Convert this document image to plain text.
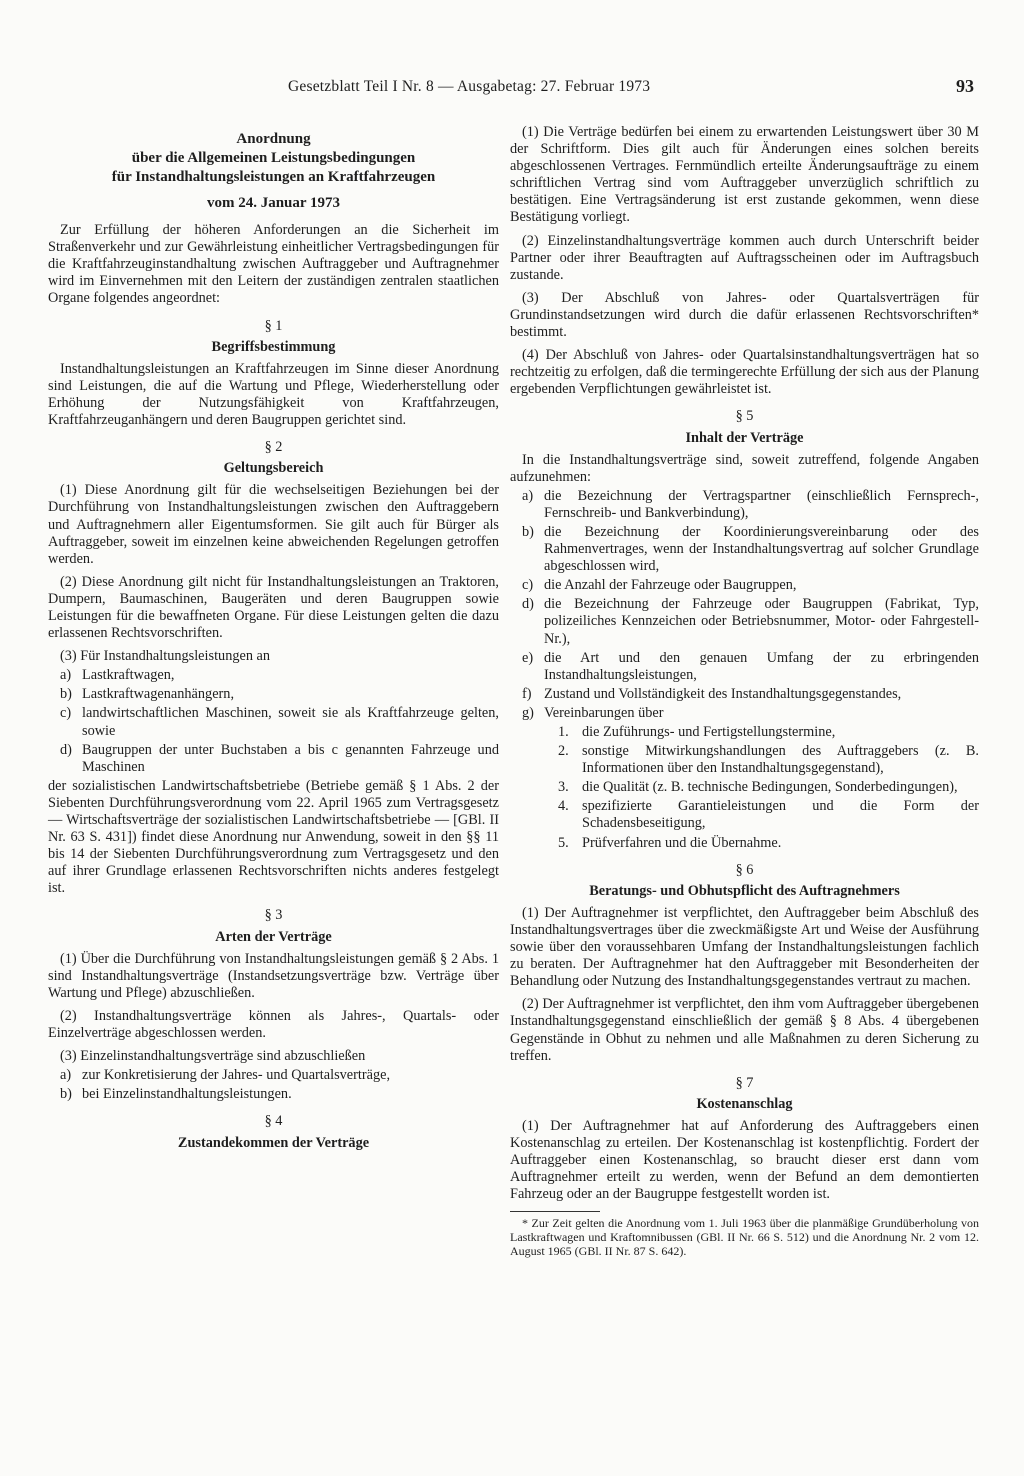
Gesetzblatt Teil I Nr. 8 — Ausgabetag: 27. Februar 1973	93
Anordnung
über die Allgemeinen Leistungsbedingungen
für Instandhaltungsleistungen an Kraftfahrzeugen
vom 24. Januar 1973

Zur Erfüllung der höheren Anforderungen an die Sicherheit im Straßenverkehr und zur Gewährleistung einheitlicher Vertragsbedingungen für die Kraftfahrzeuginstandhaltung zwischen Auftraggeber und Auftragnehmer wird im Einvernehmen mit den Leitern der zuständigen zentralen staatlichen Organe folgendes angeordnet:

§ 1
Begriffsbestimmung

Instandhaltungsleistungen an Kraftfahrzeugen im Sinne dieser Anordnung sind Leistungen, die auf die Wartung und Pflege, Wiederherstellung oder Erhöhung der Nutzungsfähigkeit von Kraftfahrzeugen, Kraftfahrzeuganhängern und deren Baugruppen gerichtet sind.

§ 2
Geltungsbereich

(1) Diese Anordnung gilt für die wechselseitigen Beziehungen bei der Durchführung von Instandhaltungsleistungen zwischen den Auftraggebern und Auftragnehmern aller Eigentumsformen. Sie gilt auch für Bürger als Auftraggeber, soweit im einzelnen keine abweichenden Regelungen getroffen werden.

(2) Diese Anordnung gilt nicht für Instandhaltungsleistungen an Traktoren, Dumpern, Baumaschinen, Baugeräten und deren Baugruppen sowie Leistungen für die bewaffneten Organe. Für diese Leistungen gelten die dazu erlassenen Rechtsvorschriften.

(3) Für Instandhaltungsleistungen an

a) Lastkraftwagen,
b) Lastkraftwagenanhängern,
c) landwirtschaftlichen Maschinen, soweit sie als Kraftfahrzeuge gelten, sowie
d) Baugruppen der unter Buchstaben a bis c genannten Fahrzeuge und Maschinen

der sozialistischen Landwirtschaftsbetriebe (Betriebe gemäß § 1 Abs. 2 der Siebenten Durchführungsverordnung vom 22. April 1965 zum Vertragsgesetz — Wirtschaftsverträge der sozialistischen Landwirtschaftsbetriebe — [GBl. II Nr. 63 S. 431]) findet diese Anordnung nur Anwendung, soweit in den §§ 11 bis 14 der Siebenten Durchführungsverordnung zum Vertragsgesetz und den auf ihrer Grundlage erlassenen Rechtsvorschriften nichts anderes festgelegt ist.

§ 3
Arten der Verträge

(1) Über die Durchführung von Instandhaltungsleistungen gemäß § 2 Abs. 1 sind Instandhaltungsverträge (Instandsetzungsverträge bzw. Verträge über Wartung und Pflege) abzuschließen.

(2) Instandhaltungsverträge können als Jahres-, Quartals- oder Einzelverträge abgeschlossen werden.

(3) Einzelinstandhaltungsverträge sind abzuschließen

a) zur Konkretisierung der Jahres- und Quartalsverträge,
b) bei Einzelinstandhaltungsleistungen.
§ 4
Zustandekommen der Verträge

(1) Die Verträge bedürfen bei einem zu erwartenden Leistungswert über 30 M der Schriftform. Dies gilt auch für Änderungen eines solchen bereits abgeschlossenen Vertrages. Fernmündlich erteilte Änderungsaufträge zu einem schriftlichen Vertrag sind vom Auftraggeber unverzüglich schriftlich zu bestätigen. Eine Vertragsänderung ist erst zustande gekommen, wenn diese Bestätigung vorliegt.

(2) Einzelinstandhaltungsverträge kommen auch durch Unterschrift beider Partner oder ihrer Beauftragten auf Auftragsscheinen oder im Auftragsbuch zustande.

(3) Der Abschluß von Jahres- oder Quartalsverträgen für Grundinstandsetzungen wird durch die dafür erlassenen Rechtsvorschriften* bestimmt.

(4) Der Abschluß von Jahres- oder Quartalsinstandhaltungsverträgen hat so rechtzeitig zu erfolgen, daß die termingerechte Erfüllung der sich aus der Planung ergebenden Verpflichtungen gewährleistet ist.

§ 5
Inhalt der Verträge

In die Instandhaltungsverträge sind, soweit zutreffend, folgende Angaben aufzunehmen:

a) die Bezeichnung der Vertragspartner (einschließlich Fernsprech-, Fernschreib- und Bankverbindung),
b) die Bezeichnung der Koordinierungsvereinbarung oder des Rahmenvertrages, wenn der Instandhaltungsvertrag auf solcher Grundlage abgeschlossen wird,
c) die Anzahl der Fahrzeuge oder Baugruppen,
d) die Bezeichnung der Fahrzeuge oder Baugruppen (Fabrikat, Typ, polizeiliches Kennzeichen oder Betriebsnummer, Motor- oder Fahrgestell-Nr.),
e) die Art und den genauen Umfang der zu erbringenden Instandhaltungsleistungen,
f) Zustand und Vollständigkeit des Instandhaltungsgegenstandes,
g) Vereinbarungen über
1. die Zuführungs- und Fertigstellungstermine,
2. sonstige Mitwirkungshandlungen des Auftraggebers (z. B. Informationen über den Instandhaltungsgegenstand),
3. die Qualität (z. B. technische Bedingungen, Sonderbedingungen),
4. spezifizierte Garantieleistungen und die Form der Schadensbeseitigung,
5. Prüfverfahren und die Übernahme.
§ 6
Beratungs- und Obhutspflicht des Auftragnehmers

(1) Der Auftragnehmer ist verpflichtet, den Auftraggeber beim Abschluß des Instandhaltungsvertrages über die zweckmäßigste Art und Weise der Ausführung sowie über den voraussehbaren Umfang der Instandhaltungsleistungen fachlich zu beraten. Der Auftragnehmer hat den Auftraggeber mit Besonderheiten der Behandlung oder Nutzung des Instandhaltungsgegenstandes vertraut zu machen.

(2) Der Auftragnehmer ist verpflichtet, den ihm vom Auftraggeber übergebenen Instandhaltungsgegenstand einschließlich der gemäß § 8 Abs. 4 übergebenen Gegenstände in Obhut zu nehmen und alle Maßnahmen zu deren Sicherung zu treffen.

§ 7
Kostenanschlag

(1) Der Auftragnehmer hat auf Anforderung des Auftraggebers einen Kostenanschlag zu erteilen. Der Kostenanschlag ist kostenpflichtig. Fordert der Auftraggeber einen Kostenanschlag, so braucht dieser erst dann vom Auftragnehmer erteilt zu werden, wenn der Befund an dem demontierten Fahrzeug oder an der Baugruppe festgestellt worden ist.

* Zur Zeit gelten die Anordnung vom 1. Juli 1963 über die planmäßige Grundüberholung von Lastkraftwagen und Kraftomnibussen (GBl. II Nr. 66 S. 512) und die Anordnung Nr. 2 vom 12. August 1965 (GBl. II Nr. 87 S. 642).
